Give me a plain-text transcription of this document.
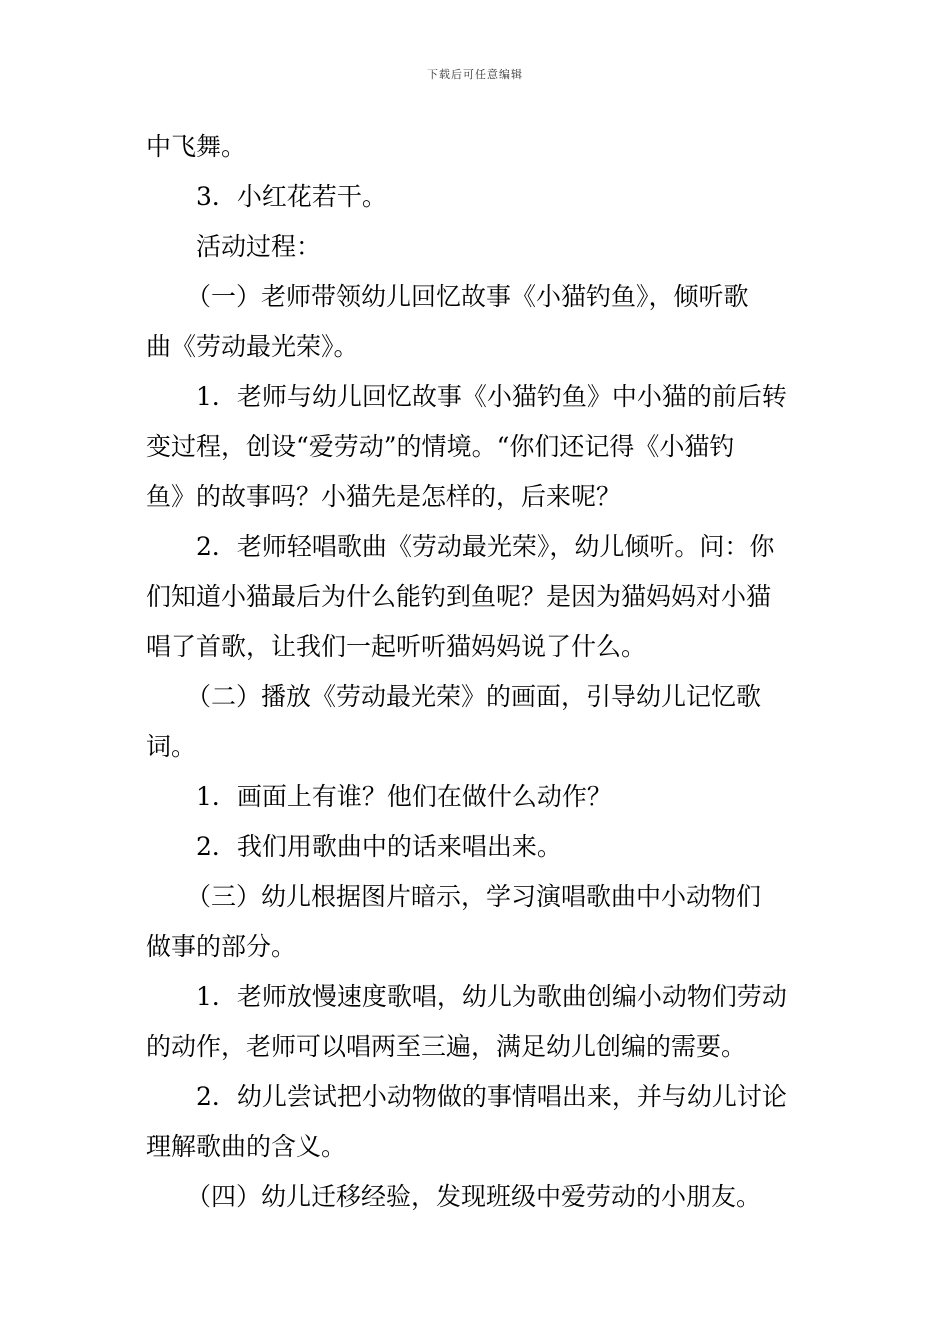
下载后可任意编辑

中飞舞。

3．小红花若干。

活动过程：

（一）老师带领幼儿回忆故事《小猫钓鱼》，倾听歌

曲《劳动最光荣》。

1．老师与幼儿回忆故事《小猫钓鱼》中小猫的前后转

变过程，创设“爱劳动”的情境。“你们还记得《小猫钓

鱼》的故事吗？小猫先是怎样的，后来呢？

2．老师轻唱歌曲《劳动最光荣》，幼儿倾听。问：你

们知道小猫最后为什么能钓到鱼呢？是因为猫妈妈对小猫

唱了首歌，让我们一起听听猫妈妈说了什么。

（二）播放《劳动最光荣》的画面，引导幼儿记忆歌

词。

1．画面上有谁？他们在做什么动作？

2．我们用歌曲中的话来唱出来。

（三）幼儿根据图片暗示，学习演唱歌曲中小动物们

做事的部分。

1．老师放慢速度歌唱，幼儿为歌曲创编小动物们劳动

的动作，老师可以唱两至三遍，满足幼儿创编的需要。

2．幼儿尝试把小动物做的事情唱出来，并与幼儿讨论

理解歌曲的含义。

（四）幼儿迁移经验，发现班级中爱劳动的小朋友。
